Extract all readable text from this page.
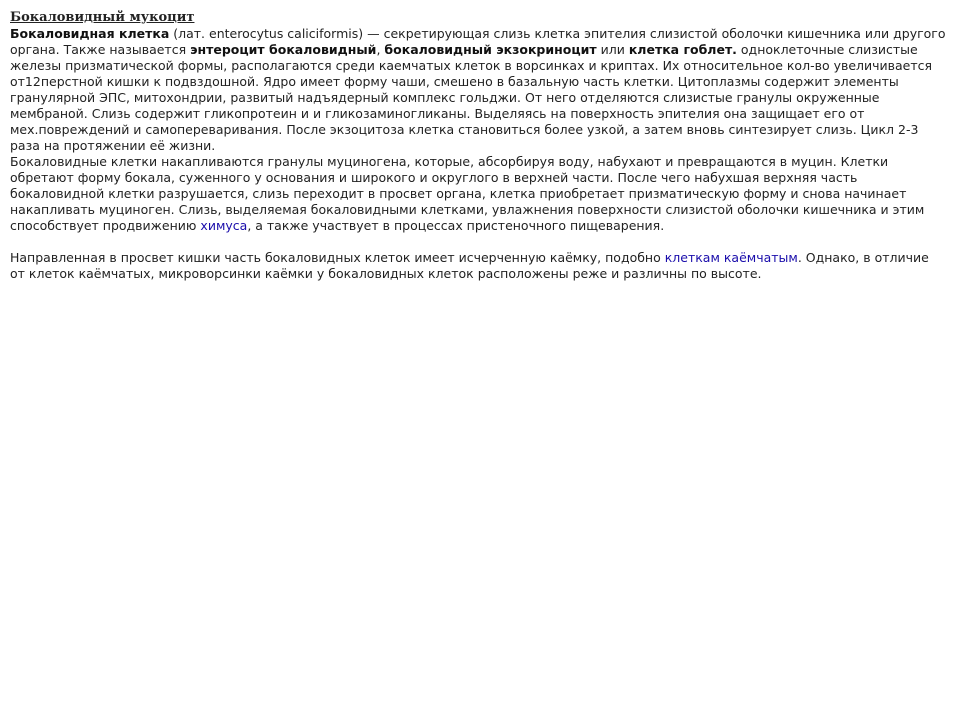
Бокаловидный мукоцит

Бокаловидная клетка (лат. enterocytus caliciformis) — секретирующая слизь клетка эпителия слизистой оболочки кишечника или другого органа. Также называется энтероцит бокаловидный, бокаловидный экзокриноцит или клетка гоблет. одноклеточные слизистые железы призматической формы, располагаются среди каемчатых клеток в ворсинках и криптах. Их относительное кол-во увеличивается от12перстной кишки к подвздошной. Ядро имеет форму чаши, смешено в базальную часть клетки. Цитоплазмы содержит элементы гранулярной ЭПС, митохондрии, развитый надъядерный комплекс гольджи. От него отделяются слизистые гранулы окруженные мембраной. Слизь содержит гликопротеин и и гликозаминогликаны. Выделяясь на поверхность эпителия она защищает его от мех.повреждений и самопереваривания. После экзоцитоза клетка становиться более узкой, а затем вновь синтезирует слизь. Цикл 2-3 раза на протяжении её жизни.

Бокаловидные клетки накапливаются гранулы муциногена, которые, абсорбируя воду, набухают и превращаются в муцин. Клетки обретают форму бокала, суженного у основания и широкого и округлого в верхней части. После чего набухшая верхняя часть бокаловидной клетки разрушается, слизь переходит в просвет органа, клетка приобретает призматическую форму и снова начинает накапливать муциноген. Слизь, выделяемая бокаловидными клетками, увлажнения поверхности слизистой оболочки кишечника и этим способствует продвижению химуса, а также участвует в процессах пристеночного пищеварения.

Направленная в просвет кишки часть бокаловидных клеток имеет исчерченную каёмку, подобно клеткам каёмчатым. Однако, в отличие от клеток каёмчатых, микроворсинки каёмки у бокаловидных клеток расположены реже и различны по высоте.
